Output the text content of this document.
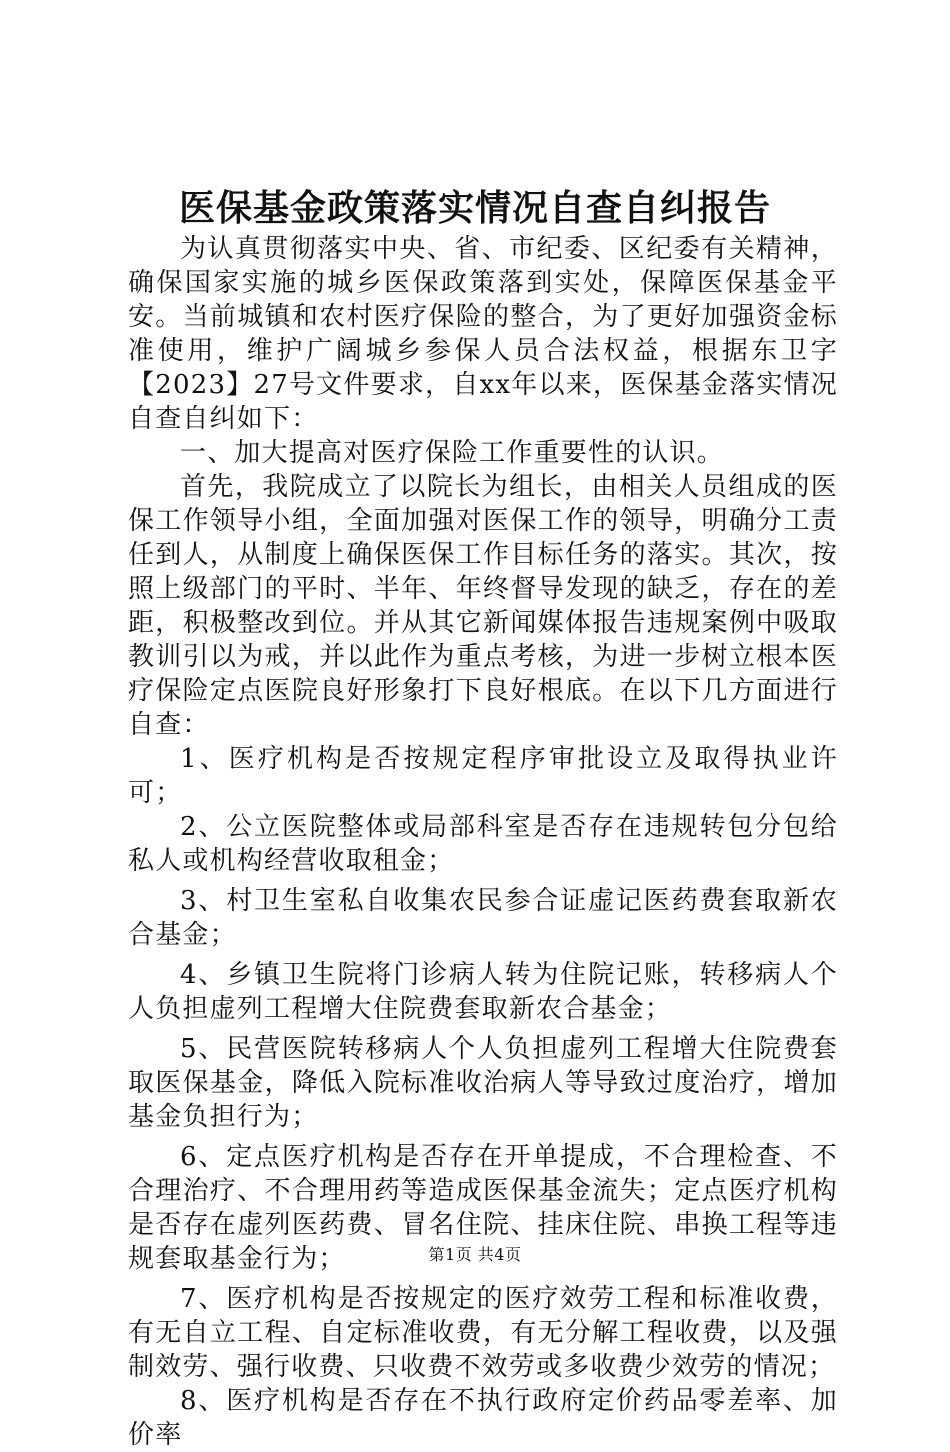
医保基金政策落实情况自查自纠报告

为认真贯彻落实中央、省、市纪委、区纪委有关精神，确保国家实施的城乡医保政策落到实处，保障医保基金平安。当前城镇和农村医疗保险的整合，为了更好加强资金标准使用，维护广阔城乡参保人员合法权益，根据东卫字【2023】27号文件要求，自xx年以来，医保基金落实情况自查自纠如下：

一、加大提高对医疗保险工作重要性的认识。

首先，我院成立了以院长为组长，由相关人员组成的医保工作领导小组，全面加强对医保工作的领导，明确分工责任到人，从制度上确保医保工作目标任务的落实。其次，按照上级部门的平时、半年、年终督导发现的缺乏，存在的差距，积极整改到位。并从其它新闻媒体报告违规案例中吸取教训引以为戒，并以此作为重点考核，为进一步树立根本医疗保险定点医院良好形象打下良好根底。在以下几方面进行自查：

1、医疗机构是否按规定程序审批设立及取得执业许可；

2、公立医院整体或局部科室是否存在违规转包分包给私人或机构经营收取租金；

3、村卫生室私自收集农民参合证虚记医药费套取新农合基金；

4、乡镇卫生院将门诊病人转为住院记账，转移病人个人负担虚列工程增大住院费套取新农合基金；

5、民营医院转移病人个人负担虚列工程增大住院费套取医保基金，降低入院标准收治病人等导致过度治疗，增加基金负担行为；

6、定点医疗机构是否存在开单提成，不合理检查、不合理治疗、不合理用药等造成医保基金流失；定点医疗机构是否存在虚列医药费、冒名住院、挂床住院、串换工程等违规套取基金行为；

7、医疗机构是否按规定的医疗效劳工程和标准收费，有无自立工程、自定标准收费，有无分解工程收费，以及强制效劳、强行收费、只收费不效劳或多收费少效劳的情况；

8、医疗机构是否存在不执行政府定价药品零差率、加价率

第1页 共4页
